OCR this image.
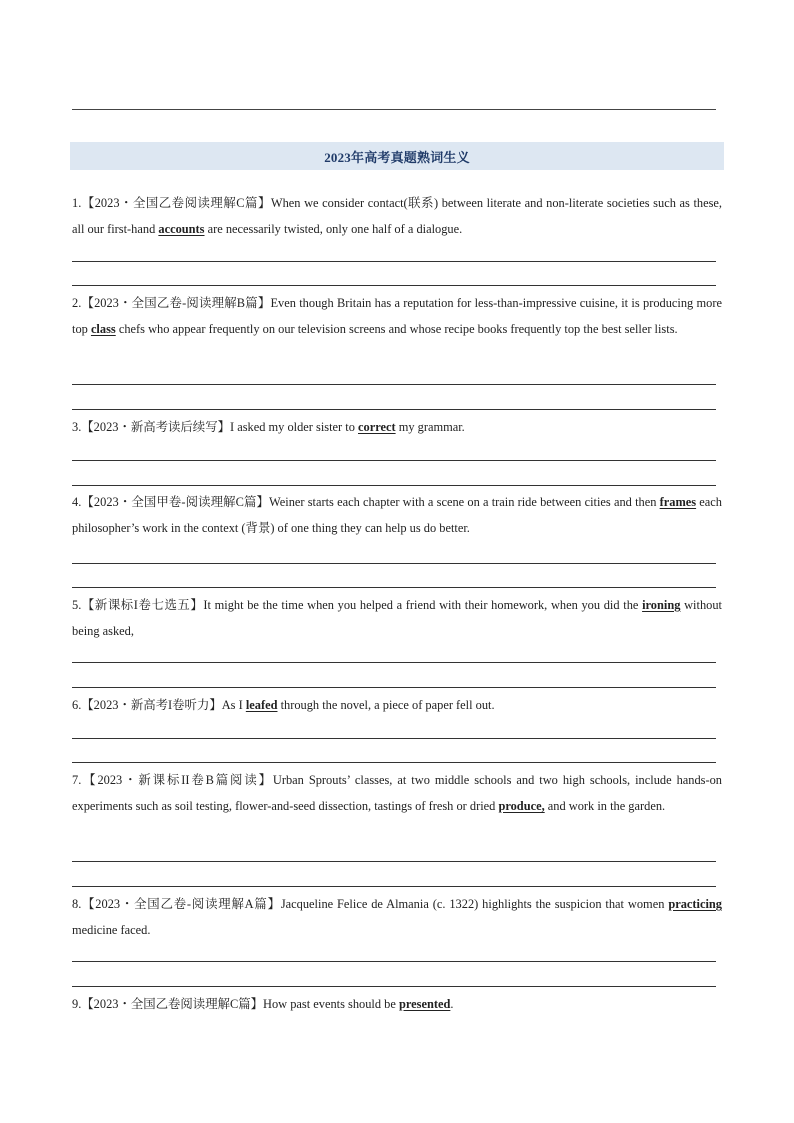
2023年高考真题熟词生义
1.【2023・全国乙卷阅读理解C篇】When we consider contact(联系) between literate and non-literate societies such as these, all our first-hand accounts are necessarily twisted, only one half of a dialogue.
2.【2023・全国乙卷-阅读理解B篇】Even though Britain has a reputation for less-than-impressive cuisine, it is producing more top class chefs who appear frequently on our television screens and whose recipe books frequently top the best seller lists.
3.【2023・新高考读后续写】I asked my older sister to correct my grammar.
4.【2023・全国甲卷-阅读理解C篇】Weiner starts each chapter with a scene on a train ride between cities and then frames each philosopher’s work in the context (背景) of one thing they can help us do better.
5.【新课标I卷七选五】It might be the time when you helped a friend with their homework, when you did the ironing without being asked,
6.【2023・新高考I卷听力】As I leafed through the novel, a piece of paper fell out.
7.【2023・新课标II卷B篇阅读】Urban Sprouts’ classes, at two middle schools and two high schools, include hands-on experiments such as soil testing, flower-and-seed dissection, tastings of fresh or dried produce, and work in the garden.
8.【2023・全国乙卷-阅读理解A篇】Jacqueline Felice de Almania (c. 1322) highlights the suspicion that women practicing medicine faced.
9.【2023・全国乙卷阅读理解C篇】How past events should be presented.
